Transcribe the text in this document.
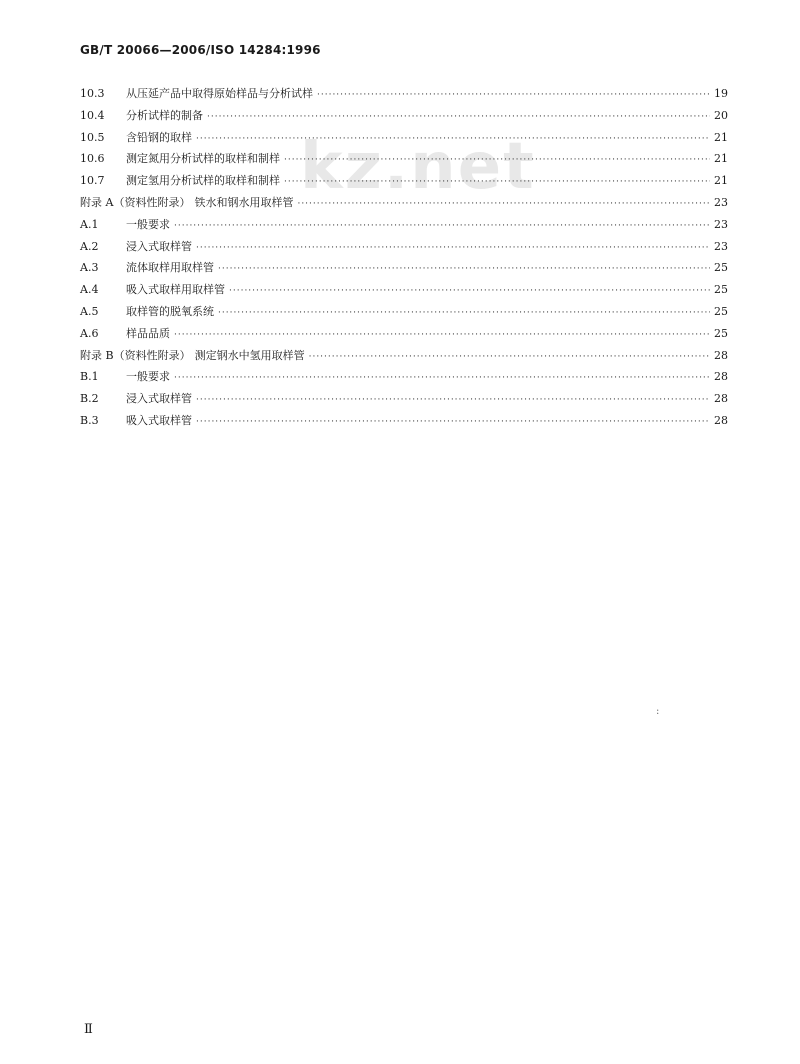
kz.net
GB/T 20066—2006/ISO 14284:1996
10.3	从压延产品中取得原始样品与分析试样 ·····	19
10.4	分析试样的制备 ·····	20
10.5	含铅钢的取样 ·····	21
10.6	测定氮用分析试样的取样和制样 ·····	21
10.7	测定氢用分析试样的取样和制样 ·····	21
附录 A（资料性附录） 铁水和钢水用取样管 ·····	23
A.1	一般要求 ·····	23
A.2	浸入式取样管 ·····	23
A.3	流体取样用取样管 ·····	25
A.4	吸入式取样用取样管 ·····	25
A.5	取样管的脱氧系统 ·····	25
A.6	样品品质 ·····	25
附录 B（资料性附录） 测定钢水中氢用取样管 ·····	28
B.1	一般要求 ·····	28
B.2	浸入式取样管 ·····	28
B.3	吸入式取样管 ·····	28
:
Ⅱ
